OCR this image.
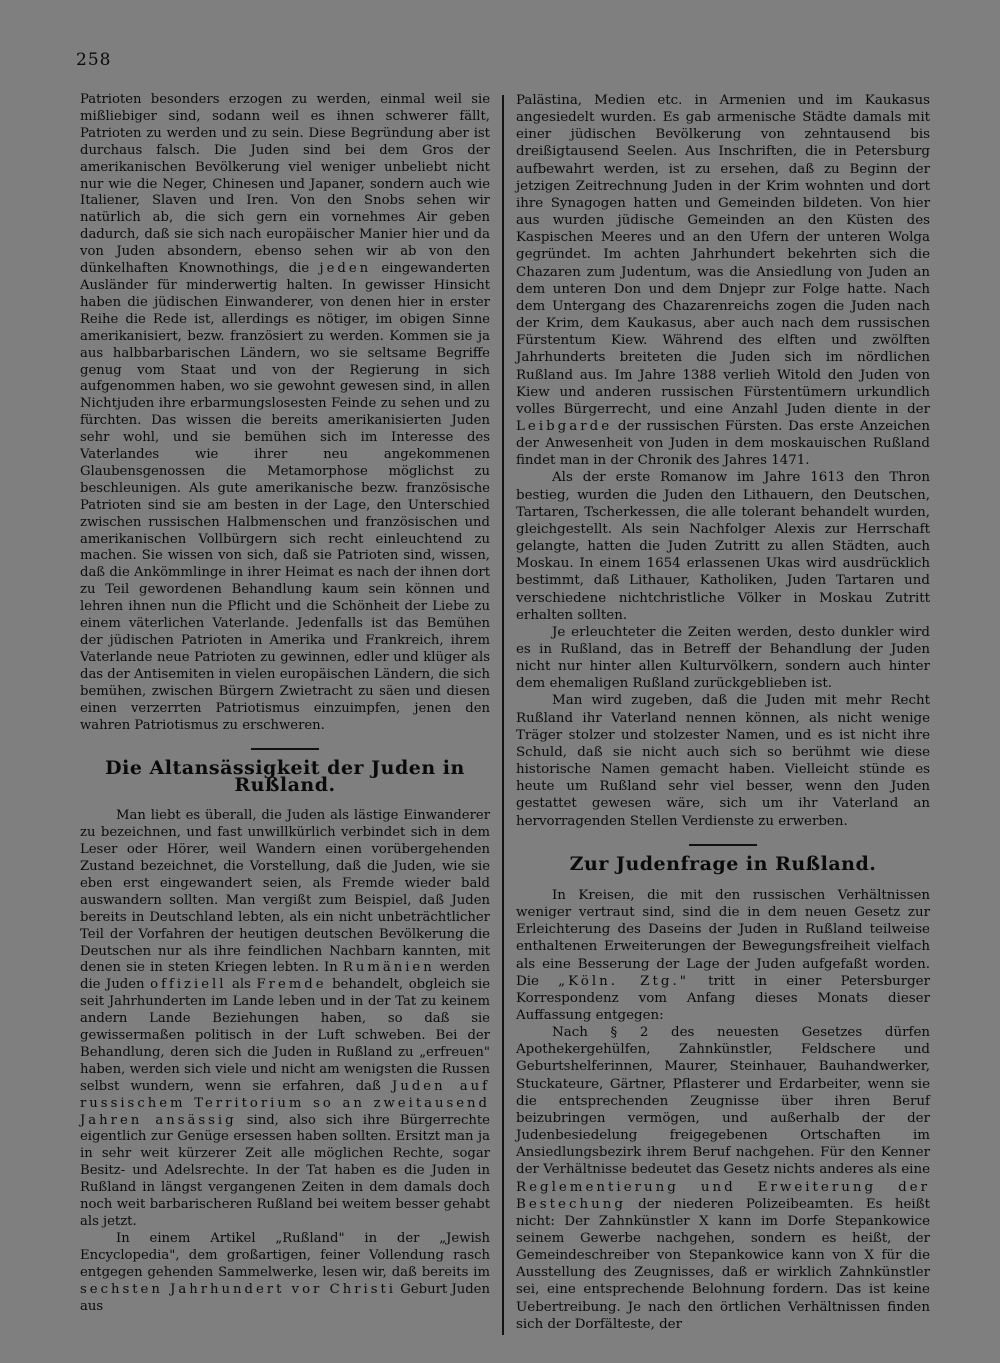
258

Patrioten besonders erzogen zu werden, einmal weil sie mißliebiger sind, sodann weil es ihnen schwerer fällt, Patrioten zu werden und zu sein. Diese Begründung aber ist durchaus falsch. Die Juden sind bei dem Gros der amerikanischen Bevölkerung viel weniger unbeliebt nicht nur wie die Neger, Chinesen und Japaner, sondern auch wie Italiener, Slaven und Iren. Von den Snobs sehen wir natürlich ab, die sich gern ein vornehmes Air geben dadurch, daß sie sich nach europäischer Manier hier und da von Juden absondern, ebenso sehen wir ab von den dünkelhaften Knownothings, die jeden eingewanderten Ausländer für minderwertig halten. In gewisser Hinsicht haben die jüdischen Einwanderer, von denen hier in erster Reihe die Rede ist, allerdings es nötiger, im obigen Sinne amerikanisiert, bezw. französiert zu werden. Kommen sie ja aus halbbarbarischen Ländern, wo sie seltsame Begriffe genug vom Staat und von der Regierung in sich aufgenommen haben, wo sie gewohnt gewesen sind, in allen Nichtjuden ihre erbarmungslosesten Feinde zu sehen und zu fürchten. Das wissen die bereits amerikanisierten Juden sehr wohl, und sie bemühen sich im Interesse des Vaterlandes wie ihrer neu angekommenen Glaubensgenossen die Metamorphose möglichst zu beschleunigen. Als gute amerikanische bezw. französische Patrioten sind sie am besten in der Lage, den Unterschied zwischen russischen Halbmenschen und französischen und amerikanischen Vollbürgern sich recht einleuchtend zu machen. Sie wissen von sich, daß sie Patrioten sind, wissen, daß die Ankömmlinge in ihrer Heimat es nach der ihnen dort zu Teil gewordenen Behandlung kaum sein können und lehren ihnen nun die Pflicht und die Schönheit der Liebe zu einem väterlichen Vaterlande. Jedenfalls ist das Bemühen der jüdischen Patrioten in Amerika und Frankreich, ihrem Vaterlande neue Patrioten zu gewinnen, edler und klüger als das der Antisemiten in vielen europäischen Ländern, die sich bemühen, zwischen Bürgern Zwietracht zu säen und diesen einen verzerrten Patriotismus einzuimpfen, jenen den wahren Patriotismus zu erschweren.

Die Altansässigkeit der Juden in Rußland.

Man liebt es überall, die Juden als lästige Einwanderer zu bezeichnen, und fast unwillkürlich verbindet sich in dem Leser oder Hörer, weil Wandern einen vorübergehenden Zustand bezeichnet, die Vorstellung, daß die Juden, wie sie eben erst eingewandert seien, als Fremde wieder bald auswandern sollten. Man vergißt zum Beispiel, daß Juden bereits in Deutschland lebten, als ein nicht unbeträchtlicher Teil der Vorfahren der heutigen deutschen Bevölkerung die Deutschen nur als ihre feindlichen Nachbarn kannten, mit denen sie in steten Kriegen lebten. In Rumänien werden die Juden offiziell als Fremde behandelt, obgleich sie seit Jahrhunderten im Lande leben und in der Tat zu keinem andern Lande Beziehungen haben, so daß sie gewissermaßen politisch in der Luft schweben. Bei der Behandlung, deren sich die Juden in Rußland zu „erfreuen" haben, werden sich viele und nicht am wenigsten die Russen selbst wundern, wenn sie erfahren, daß Juden auf russischem Territorium so an zweitausend Jahren ansässig sind, also sich ihre Bürgerrechte eigentlich zur Genüge ersessen haben sollten. Ersitzt man ja in sehr weit kürzerer Zeit alle möglichen Rechte, sogar Besitz- und Adelsrechte. In der Tat haben es die Juden in Rußland in längst vergangenen Zeiten in dem damals doch noch weit barbarischeren Rußland bei weitem besser gehabt als jetzt.

In einem Artikel „Rußland" in der „Jewish Encyclopedia", dem großartigen, feiner Vollendung rasch entgegen gehenden Sammelwerke, lesen wir, daß bereits im sechsten Jahrhundert vor Christi Geburt Juden aus

Palästina, Medien etc. in Armenien und im Kaukasus angesiedelt wurden. Es gab armenische Städte damals mit einer jüdischen Bevölkerung von zehntausend bis dreißigtausend Seelen. Aus Inschriften, die in Petersburg aufbewahrt werden, ist zu ersehen, daß zu Beginn der jetzigen Zeitrechnung Juden in der Krim wohnten und dort ihre Synagogen hatten und Gemeinden bildeten. Von hier aus wurden jüdische Gemeinden an den Küsten des Kaspischen Meeres und an den Ufern der unteren Wolga gegründet. Im achten Jahrhundert bekehrten sich die Chazaren zum Judentum, was die Ansiedlung von Juden an dem unteren Don und dem Dnjepr zur Folge hatte. Nach dem Untergang des Chazarenreichs zogen die Juden nach der Krim, dem Kaukasus, aber auch nach dem russischen Fürstentum Kiew. Während des elften und zwölften Jahrhunderts breiteten die Juden sich im nördlichen Rußland aus. Im Jahre 1388 verlieh Witold den Juden von Kiew und anderen russischen Fürstentümern urkundlich volles Bürgerrecht, und eine Anzahl Juden diente in der Leibgarde der russischen Fürsten. Das erste Anzeichen der Anwesenheit von Juden in dem moskauischen Rußland findet man in der Chronik des Jahres 1471.

Als der erste Romanow im Jahre 1613 den Thron bestieg, wurden die Juden den Lithauern, den Deutschen, Tartaren, Tscherkessen, die alle tolerant behandelt wurden, gleichgestellt. Als sein Nachfolger Alexis zur Herrschaft gelangte, hatten die Juden Zutritt zu allen Städten, auch Moskau. In einem 1654 erlassenen Ukas wird ausdrücklich bestimmt, daß Lithauer, Katholiken, Juden Tartaren und verschiedene nichtchristliche Völker in Moskau Zutritt erhalten sollten.

Je erleuchteter die Zeiten werden, desto dunkler wird es in Rußland, das in Betreff der Behandlung der Juden nicht nur hinter allen Kulturvölkern, sondern auch hinter dem ehemaligen Rußland zurückgeblieben ist.

Man wird zugeben, daß die Juden mit mehr Recht Rußland ihr Vaterland nennen können, als nicht wenige Träger stolzer und stolzester Namen, und es ist nicht ihre Schuld, daß sie nicht auch sich so berühmt wie diese historische Namen gemacht haben. Vielleicht stünde es heute um Rußland sehr viel besser, wenn den Juden gestattet gewesen wäre, sich um ihr Vaterland an hervorragenden Stellen Verdienste zu erwerben.

Zur Judenfrage in Rußland.

In Kreisen, die mit den russischen Verhältnissen weniger vertraut sind, sind die in dem neuen Gesetz zur Erleichterung des Daseins der Juden in Rußland teilweise enthaltenen Erweiterungen der Bewegungsfreiheit vielfach als eine Besserung der Lage der Juden aufgefaßt worden. Die „Köln. Ztg." tritt in einer Petersburger Korrespondenz vom Anfang dieses Monats dieser Auffassung entgegen:

Nach § 2 des neuesten Gesetzes dürfen Apothekergehülfen, Zahnkünstler, Feldschere und Geburtshelferinnen, Maurer, Steinhauer, Bauhandwerker, Stuckateure, Gärtner, Pflasterer und Erdarbeiter, wenn sie die entsprechenden Zeugnisse über ihren Beruf beizubringen vermögen, und außerhalb der der Judenbesiedelung freigegebenen Ortschaften im Ansiedlungsbezirk ihrem Beruf nachgehen. Für den Kenner der Verhältnisse bedeutet das Gesetz nichts anderes als eine Reglementierung und Erweiterung der Bestechung der niederen Polizeibeamten. Es heißt nicht: Der Zahnkünstler X kann im Dorfe Stepankowice seinem Gewerbe nachgehen, sondern es heißt, der Gemeindeschreiber von Stepankowice kann von X für die Ausstellung des Zeugnisses, daß er wirklich Zahnkünstler sei, eine entsprechende Belohnung fordern. Das ist keine Uebertreibung. Je nach den örtlichen Verhältnissen finden sich der Dorfälteste, der
